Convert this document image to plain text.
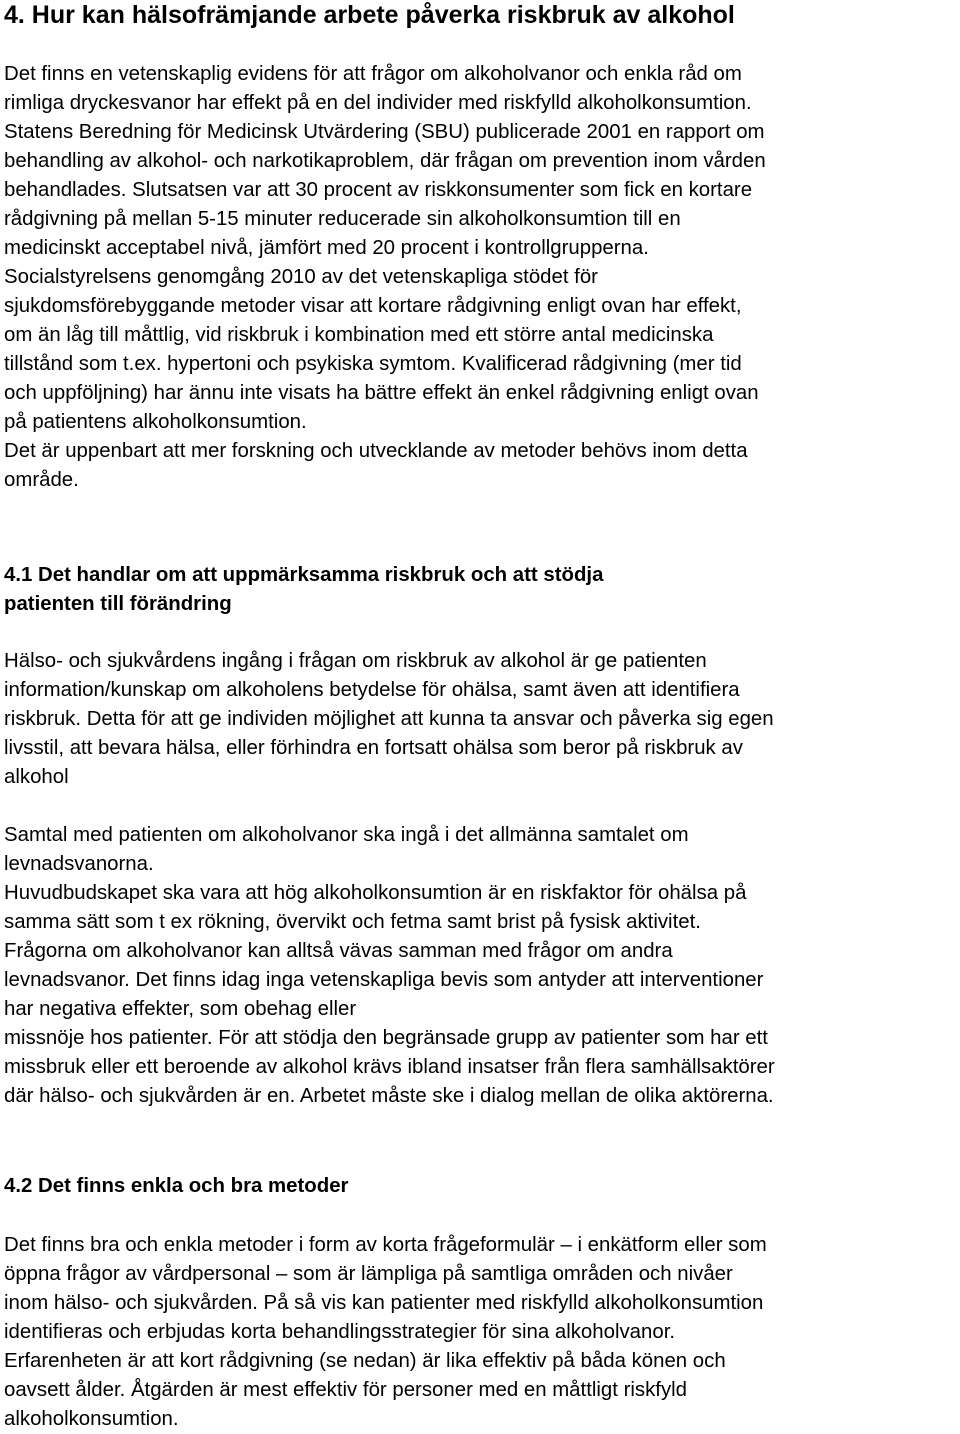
4. Hur kan hälsofrämjande arbete påverka riskbruk av alkohol
Det finns en vetenskaplig evidens för att frågor om alkoholvanor och enkla råd om
rimliga dryckesvanor har effekt på en del individer med riskfylld alkoholkonsumtion.
Statens Beredning för Medicinsk Utvärdering (SBU) publicerade 2001 en rapport om
behandling av alkohol- och narkotikaproblem, där frågan om prevention inom vården
behandlades. Slutsatsen var att 30 procent av riskkonsumenter som fick en kortare
rådgivning på mellan 5-15 minuter reducerade sin alkoholkonsumtion till en
medicinskt acceptabel nivå, jämfört med 20 procent i kontrollgrupperna.
Socialstyrelsens genomgång 2010 av det vetenskapliga stödet för
sjukdomsförebyggande metoder visar att kortare rådgivning enligt ovan har effekt,
om än låg till måttlig, vid riskbruk i kombination med ett större antal medicinska
tillstånd som t.ex. hypertoni och psykiska symtom. Kvalificerad rådgivning (mer tid
och uppföljning) har ännu inte visats ha bättre effekt än enkel rådgivning enligt ovan
på patientens alkoholkonsumtion.
Det är uppenbart att mer forskning och utvecklande av metoder behövs inom detta
område.
4.1 Det handlar om att uppmärksamma riskbruk och att stödja
patienten till förändring
Hälso- och sjukvårdens ingång i frågan om riskbruk av alkohol är ge patienten
information/kunskap om alkoholens betydelse för ohälsa, samt även att identifiera
riskbruk. Detta för att ge individen möjlighet att kunna ta ansvar och påverka sig egen
livsstil, att bevara hälsa, eller förhindra en fortsatt ohälsa som beror på riskbruk av
alkohol
Samtal med patienten om alkoholvanor ska ingå i det allmänna samtalet om
levnadsvanorna.
Huvudbudskapet ska vara att hög alkoholkonsumtion är en riskfaktor för ohälsa på
samma sätt som t ex rökning, övervikt och fetma samt brist på fysisk aktivitet.
Frågorna om alkoholvanor kan alltså vävas samman med frågor om andra
levnadsvanor. Det finns idag inga vetenskapliga bevis som antyder att interventioner
har negativa effekter, som obehag eller
missnöje hos patienter. För att stödja den begränsade grupp av patienter som har ett
missbruk eller ett beroende av alkohol krävs ibland insatser från flera samhällsaktörer
där hälso- och sjukvården är en. Arbetet måste ske i dialog mellan de olika aktörerna.
4.2 Det finns enkla och bra metoder
Det finns bra och enkla metoder i form av korta frågeformulär – i enkätform eller som
öppna frågor av vårdpersonal – som är lämpliga på samtliga områden och nivåer
inom hälso- och sjukvården. På så vis kan patienter med riskfylld alkoholkonsumtion
identifieras och erbjudas korta behandlingsstrategier för sina alkoholvanor.
Erfarenheten är att kort rådgivning (se nedan) är lika effektiv på båda könen och
oavsett ålder. Åtgärden är mest effektiv för personer med en måttligt riskfyld
alkoholkonsumtion.
